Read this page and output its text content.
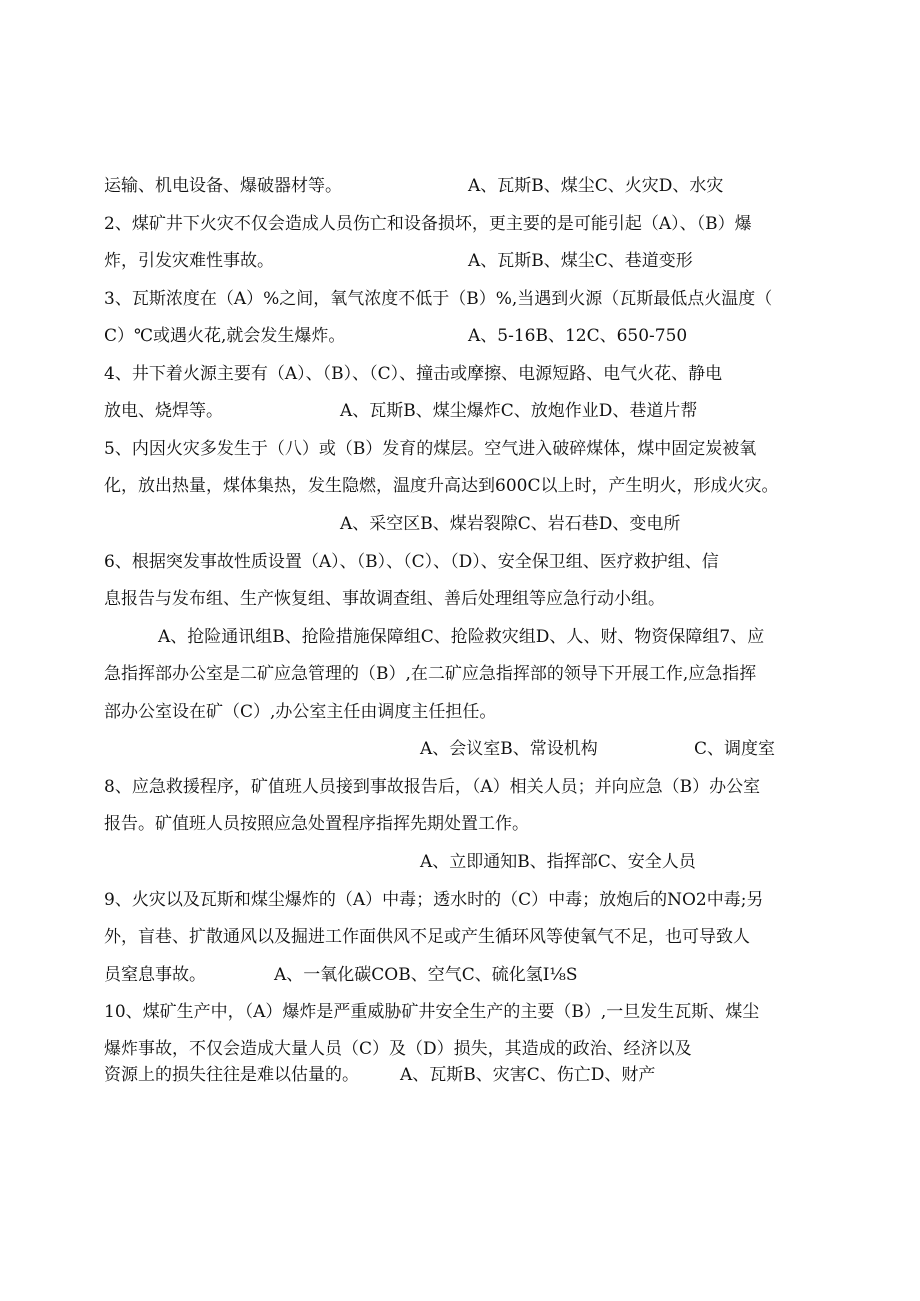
运输、机电设备、爆破器材等。

	A、瓦斯B、煤尘C、火灾D、水灾

2、煤矿井下火灾不仅会造成人员伤亡和设备损坏，更主要的是可能引起（A）、（B）爆

炸，引发灾难性事故。

	A、瓦斯B、煤尘C、巷道变形

3、瓦斯浓度在（A）%之间，氧气浓度不低于（B）%,当遇到火源（瓦斯最低点火温度（

C）℃或遇火花,就会发生爆炸。

	A、5-16B、12C、650-750

4、井下着火源主要有（A）、（B）、（C）、撞击或摩擦、电源短路、电气火花、静电

放电、烧焊等。

	A、瓦斯B、煤尘爆炸C、放炮作业D、巷道片帮

5、内因火灾多发生于（八）或（B）发育的煤层。空气进入破碎煤体，煤中固定炭被氧

化，放出热量，煤体集热，发生隐燃，温度升高达到600C以上时，产生明火，形成火灾。

A、采空区B、煤岩裂隙C、岩石巷D、变电所

6、根据突发事故性质设置（A）、（B）、（C）、（D）、安全保卫组、医疗救护组、信

息报告与发布组、生产恢复组、事故调查组、善后处理组等应急行动小组。

A、抢险通讯组B、抢险措施保障组C、抢险救灾组D、人、财、物资保障组7、应

急指挥部办公室是二矿应急管理的（B）,在二矿应急指挥部的领导下开展工作,应急指挥

部办公室设在矿（C）,办公室主任由调度主任担任。

A、会议室B、常设机构

	C、调度室

8、应急救援程序，矿值班人员接到事故报告后，（A）相关人员；并向应急（B）办公室

报告。矿值班人员按照应急处置程序指挥先期处置工作。

A、立即通知B、指挥部C、安全人员

9、火灾以及瓦斯和煤尘爆炸的（A）中毒；透水时的（C）中毒；放炮后的NO2中毒;另

外，盲巷、扩散通风以及掘进工作面供风不足或产生循环风等使氧气不足，也可导致人

员窒息事故。

	A、一氧化碳COB、空气C、硫化氢I⅛S

10、煤矿生产中，（A）爆炸是严重威胁矿井安全生产的主要（B）,一旦发生瓦斯、煤尘

爆炸事故，不仅会造成大量人员（C）及（D）损失，其造成的政治、经济以及

资源上的损失往往是难以估量的。

A、瓦斯B、灾害C、伤亡D、财产
